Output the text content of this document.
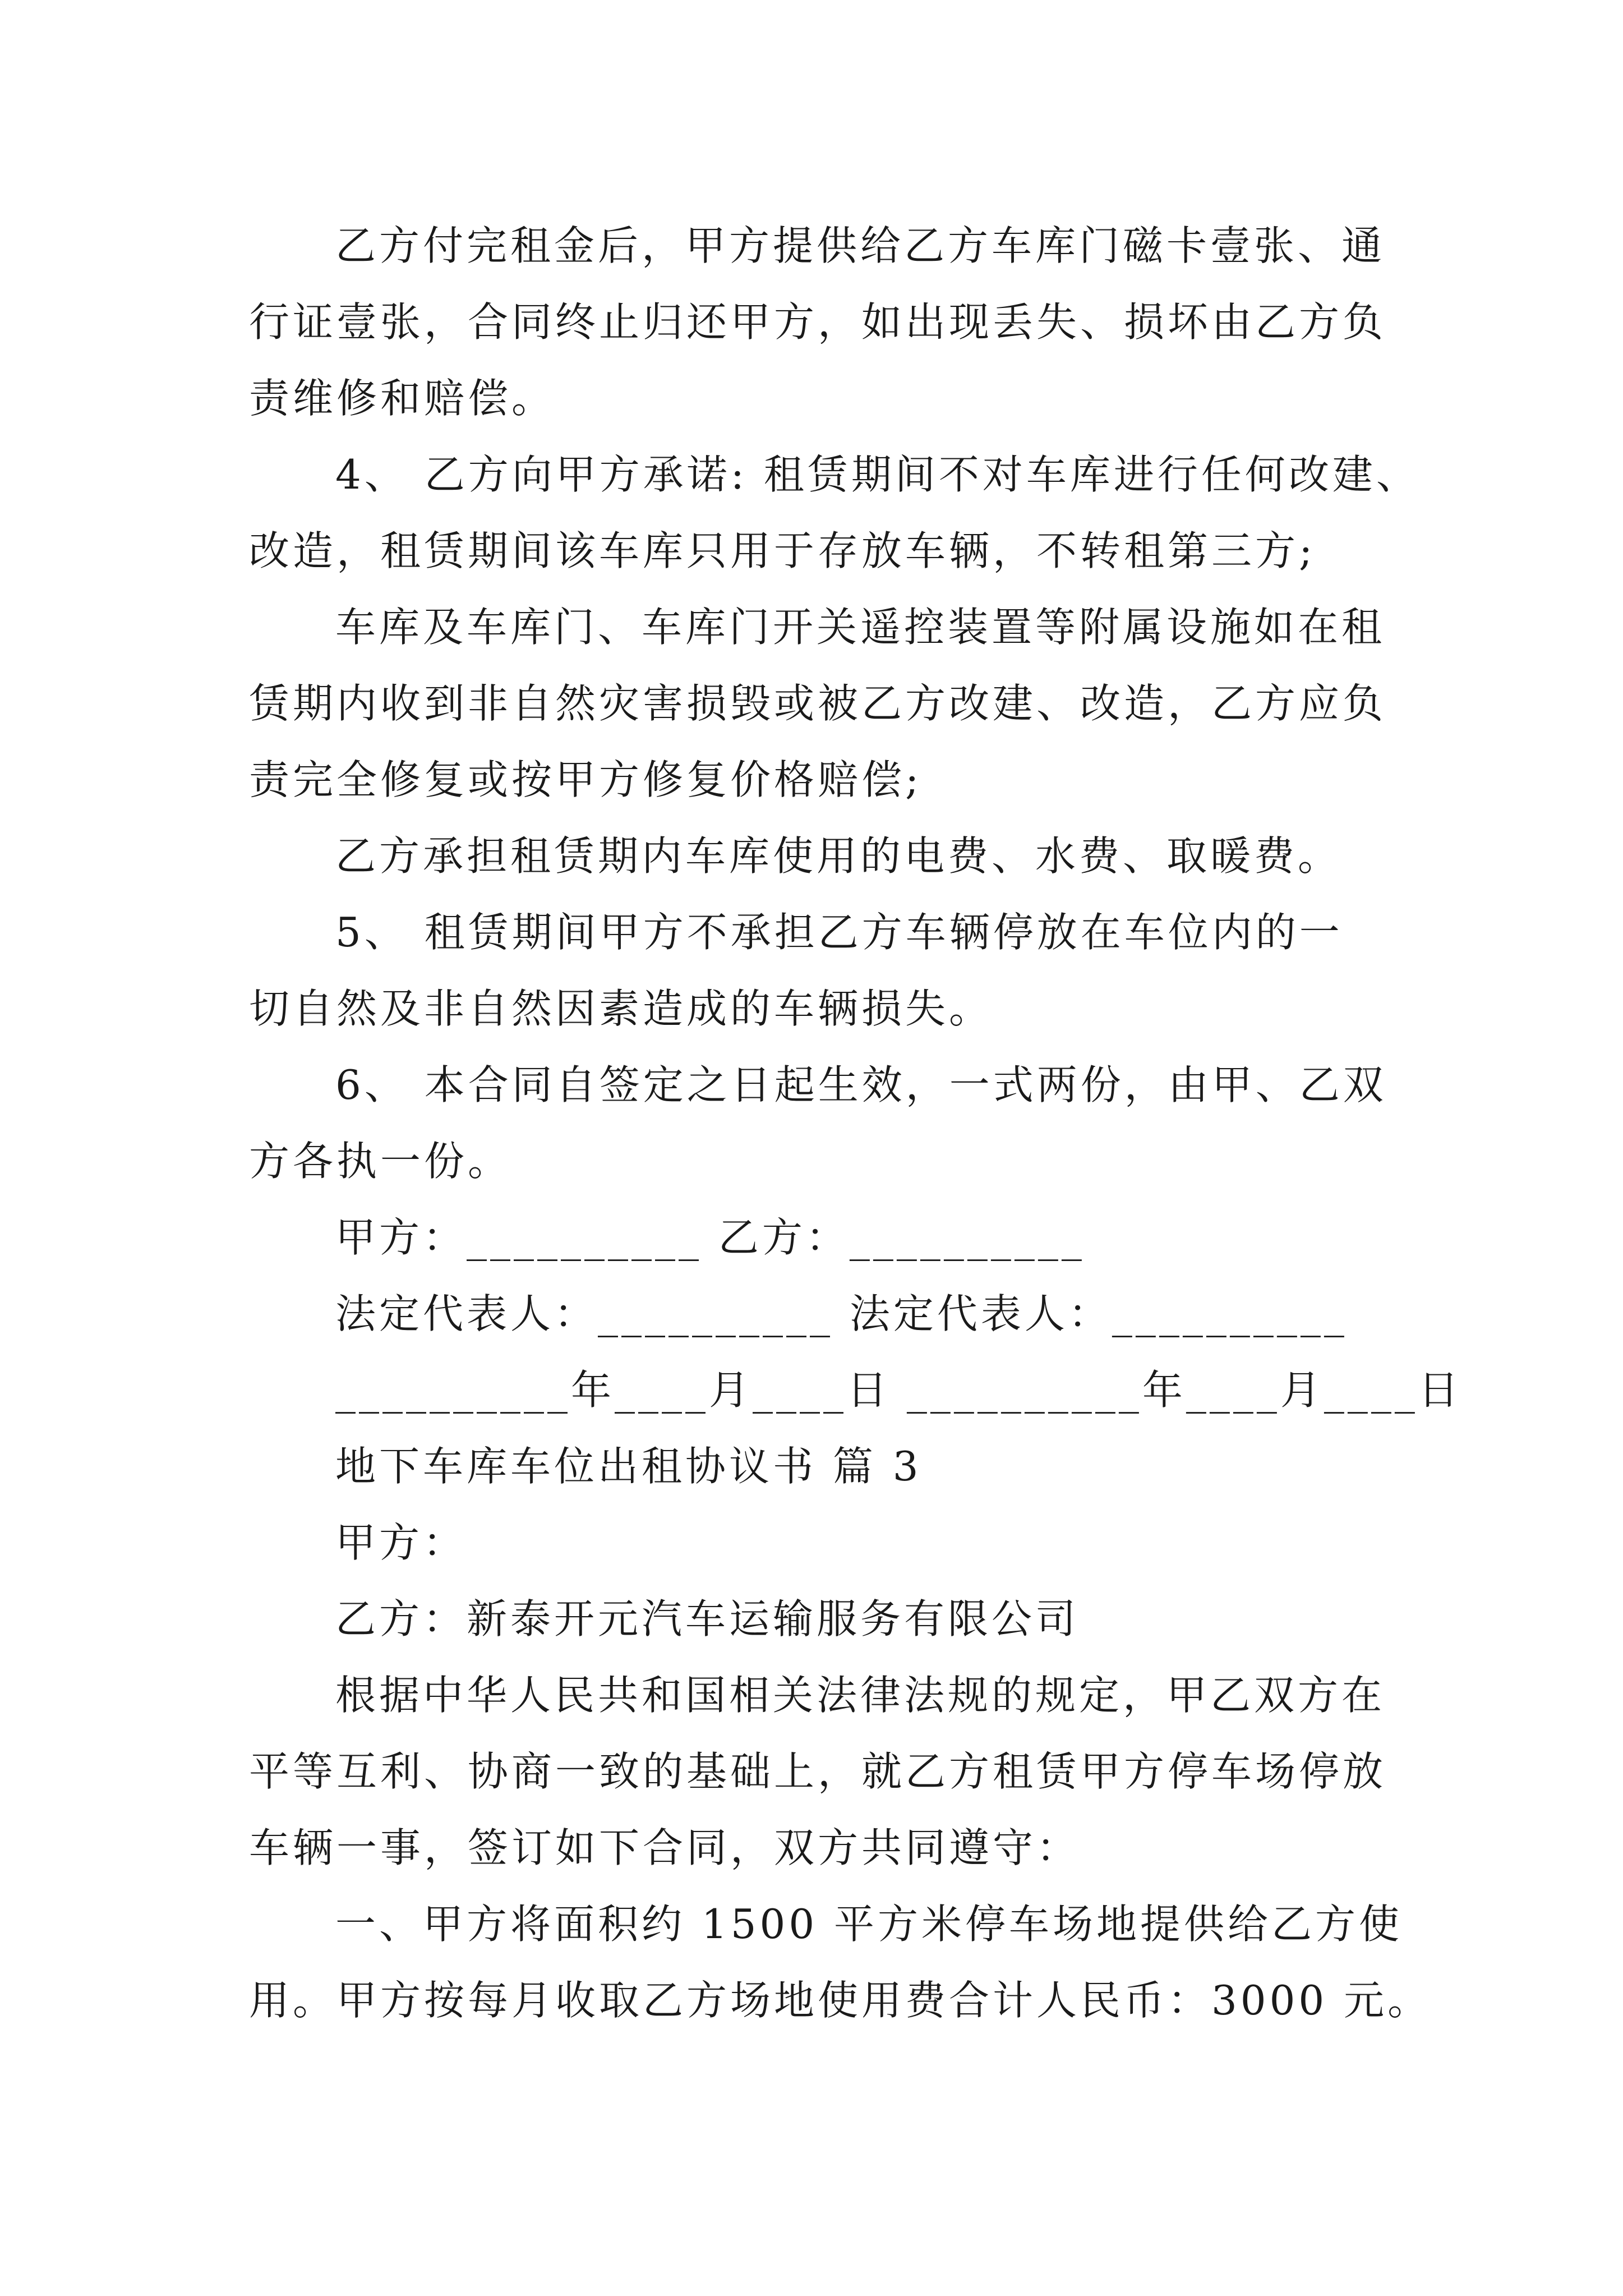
乙方付完租金后，甲方提供给乙方车库门磁卡壹张、通
行证壹张，合同终止归还甲方，如出现丢失、损坏由乙方负
责维修和赔偿。
4、 乙方向甲方承诺: 租赁期间不对车库进行任何改建、
改造，租赁期间该车库只用于存放车辆，不转租第三方;
车库及车库门、车库门开关遥控装置等附属设施如在租
赁期内收到非自然灾害损毁或被乙方改建、改造，乙方应负
责完全修复或按甲方修复价格赔偿;
乙方承担租赁期内车库使用的电费、水费、取暖费。
5、 租赁期间甲方不承担乙方车辆停放在车位内的一
切自然及非自然因素造成的车辆损失。
6、 本合同自签定之日起生效，一式两份，由甲、乙双
方各执一份。
甲方：__________ 乙方：__________
法定代表人：__________ 法定代表人：__________
__________年____月____日 __________年____月____日
地下车库车位出租协议书 篇 3
甲方：
乙方：新泰开元汽车运输服务有限公司
根据中华人民共和国相关法律法规的规定，甲乙双方在
平等互利、协商一致的基础上，就乙方租赁甲方停车场停放
车辆一事，签订如下合同，双方共同遵守：
一、甲方将面积约 1500 平方米停车场地提供给乙方使
用。甲方按每月收取乙方场地使用费合计人民币：3000 元。
